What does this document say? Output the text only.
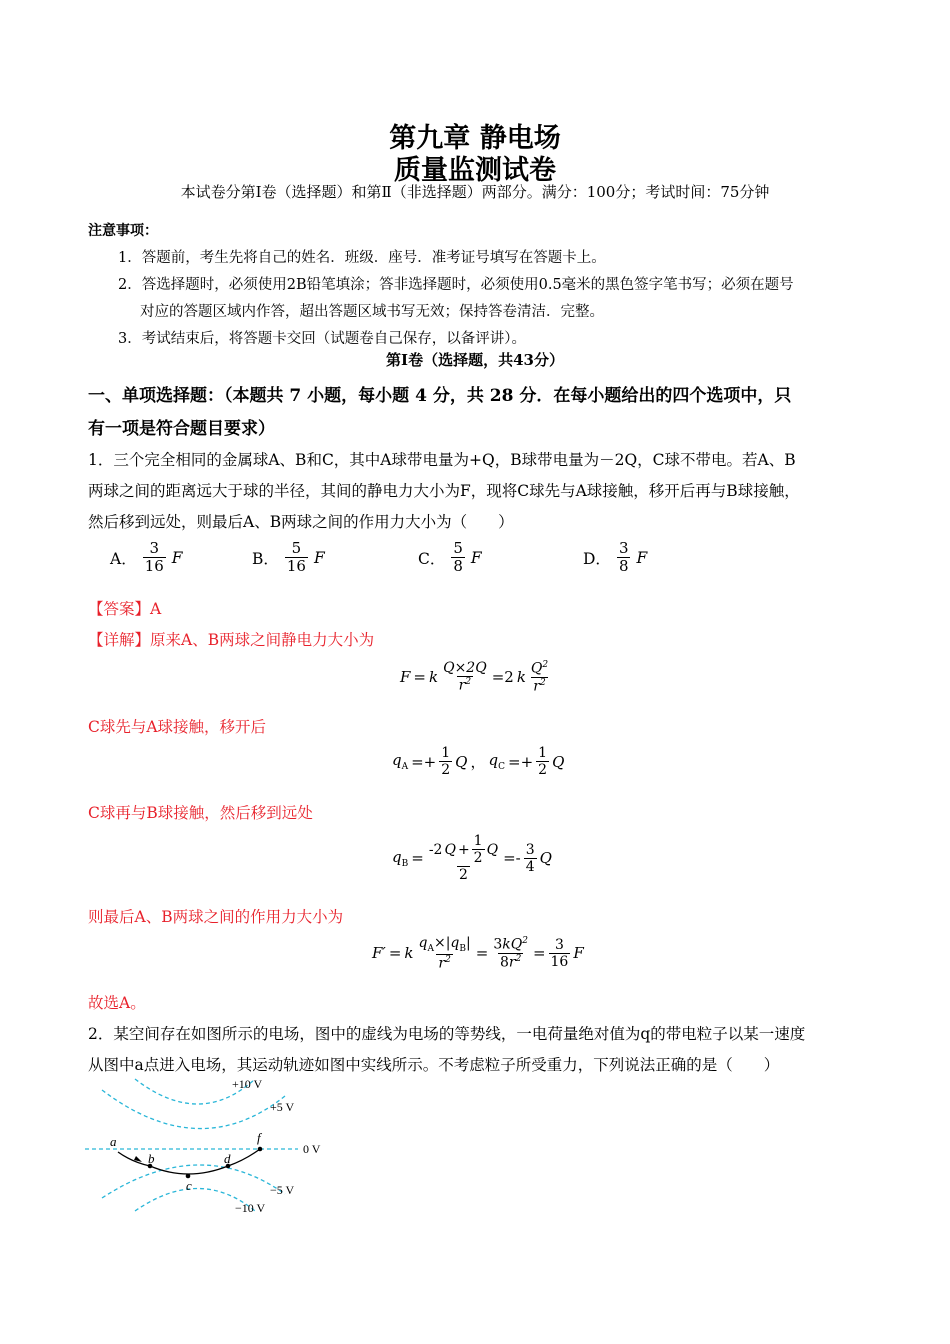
第九章 静电场
质量监测试卷
本试卷分第Ⅰ卷（选择题）和第Ⅱ（非选择题）两部分。满分：100分；考试时间：75分钟
注意事项：
1．答题前，考生先将自己的姓名．班级．座号．准考证号填写在答题卡上。
2．答选择题时，必须使用2B铅笔填涂；答非选择题时，必须使用0.5毫米的黑色签字笔书写；必须在题号
对应的答题区域内作答，超出答题区域书写无效；保持答卷清洁．完整。
3．考试结束后，将答题卡交回（试题卷自己保存，以备评讲）。
第Ⅰ卷（选择题，共43分）
一、单项选择题：（本题共 7 小题，每小题 4 分，共 28 分．在每小题给出的四个选项中，只
有一项是符合题目要求）
1．三个完全相同的金属球A、B和C，其中A球带电量为+Q，B球带电量为－2Q，C球不带电。若A、B
两球之间的距离远大于球的半径，其间的静电力大小为F，现将C球先与A球接触，移开后再与B球接触，
然后移到远处，则最后A、B两球之间的作用力大小为（　　）
A． $\frac{3}{16}$ F	B． $\frac{5}{16}$ F	C． $\frac{5}{8}$ F	D． $\frac{3}{8}$ F
【答案】A
【详解】原来A、B两球之间静电力大小为
F = k $\frac{Q\times 2Q}{r^2} =2$ k $\frac{Q^2}{r^2}$
C球先与A球接触，移开后
$q_A =+ \frac{1}{2}$ Q ， $q_C =+ \frac{1}{2}$ Q
C球再与B球接触，然后移到远处
$q_B = \frac{-2 Q + \frac{1}{2} Q}{2} =- \frac{3}{4}$ Q
则最后A、B两球之间的作用力大小为
F′ = k $\frac{q_A\times|q_B|}{r^2} = \frac{3kQ^2}{8r^2} = \frac{3}{16}$ F
故选A。
2．某空间存在如图所示的电场，图中的虚线为电场的等势线，一电荷量绝对值为q的带电粒子以某一速度
从图中a点进入电场，其运动轨迹如图中实线所示。不考虑粒子所受重力，下列说法正确的是（　　）
a
b
c
d
f
+10 V
+5 V
0 V
−5 V
−10 V
